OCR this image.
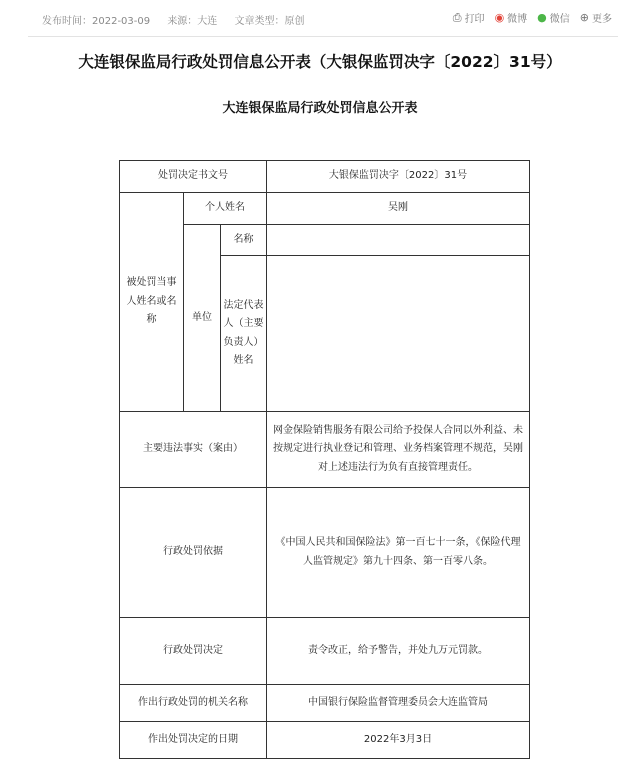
发布时间：2022-03-09 来源：大连 文章类型：原创	⎙ 打印 ◉ 微博 ● 微信 ⊕ 更多
大连银保监局行政处罚信息公开表（大银保监罚决字〔2022〕31号）
大连银保监局行政处罚信息公开表
处罚决定书文号			大银保监罚决字〔2022〕31号
被处罚当事人姓名或名称	个人姓名		吴刚
	单位	名称	
		法定代表人（主要负责人）姓名	
主要违法事实（案由）			网金保险销售服务有限公司给予投保人合同以外利益、未按规定进行执业登记和管理、业务档案管理不规范，吴刚对上述违法行为负有直接管理责任。
行政处罚依据			《中国人民共和国保险法》第一百七十一条，《保险代理人监管规定》第九十四条、第一百零八条。
行政处罚决定			责令改正，给予警告，并处九万元罚款。
作出行政处罚的机关名称			中国银行保险监督管理委员会大连监管局
作出处罚决定的日期			2022年3月3日
